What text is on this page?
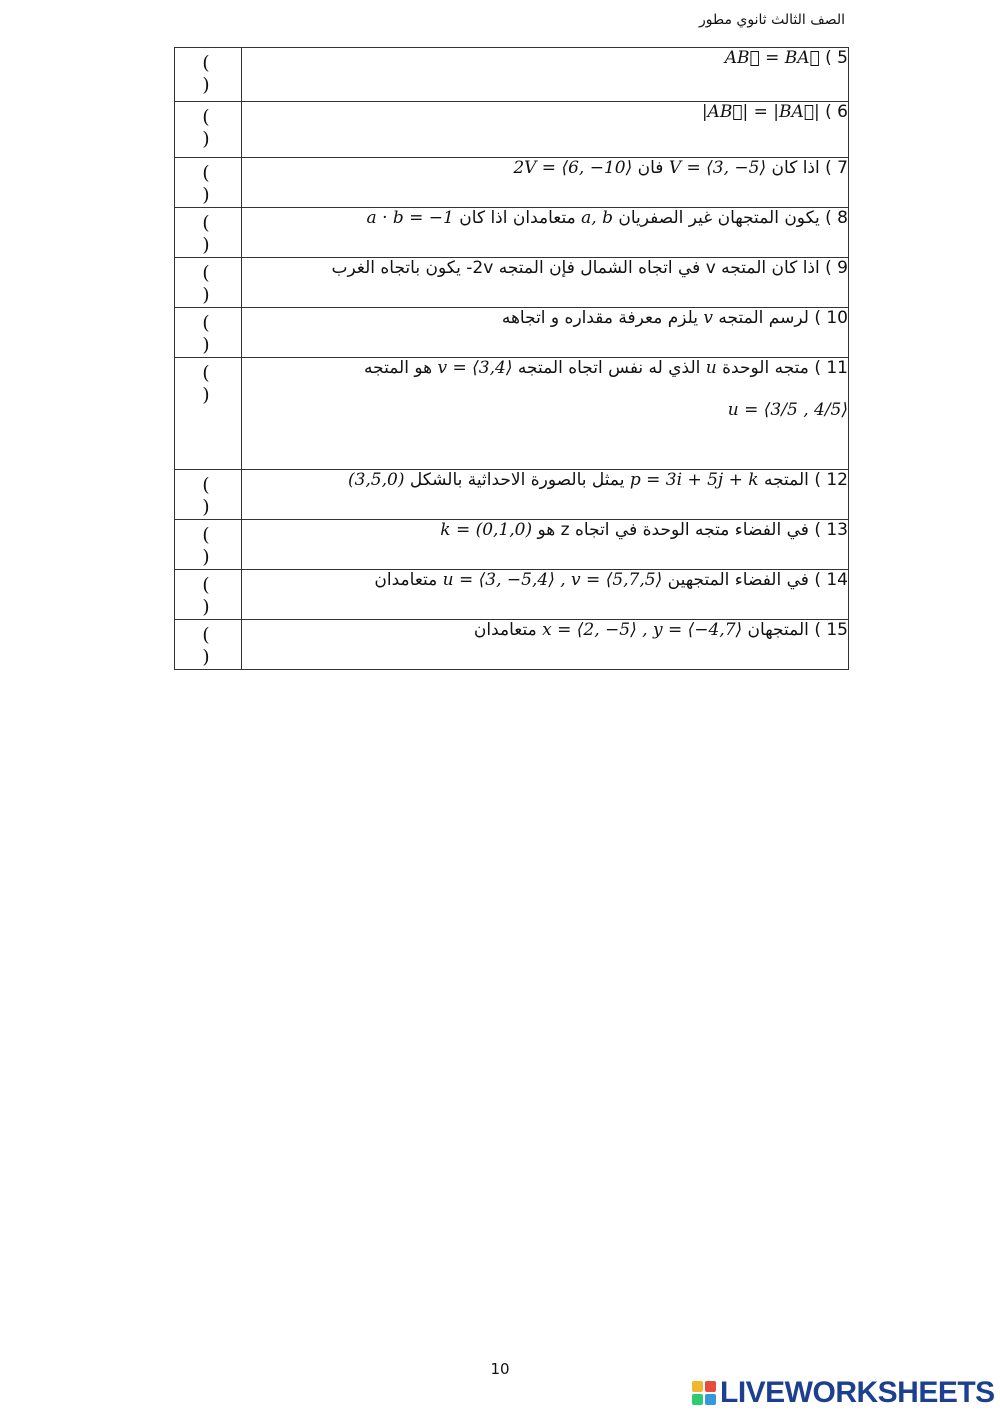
الصف الثالث ثانوي مطور
( )	5 ) AB⃗ = BA⃗

( )	6 ) |AB⃗| = |BA⃗|

( )	7 ) اذا كان V = ⟨3, −5⟩ فان 2V = ⟨6, −10⟩

( )	8 ) يكون المتجهان غير الصفريان a, b متعامدان اذا كان a · b = −1

( )	9 ) اذا كان المتجه v في اتجاه الشمال فإن المتجه 2v- يكون باتجاه الغرب

( )	10 ) لرسم المتجه v يلزم معرفة مقداره و اتجاهه

( )	11 ) متجه الوحدة u الذي له نفس اتجاه المتجه v = ⟨3,4⟩ هو المتجه
u = ⟨3/5 , 4/5⟩

( )	12 ) المتجه p = 3i + 5j + k يمثل بالصورة الاحداثية بالشكل (3,5,0)

( )	13 ) في الفضاء متجه الوحدة في اتجاه z هو k = (0,1,0)

( )	14 ) في الفضاء المتجهين u = ⟨3, −5,4⟩ , v = ⟨5,7,5⟩ متعامدان

( )	15 ) المتجهان x = ⟨2, −5⟩ , y = ⟨−4,7⟩ متعامدان
10
LIVEWORKSHEETS
